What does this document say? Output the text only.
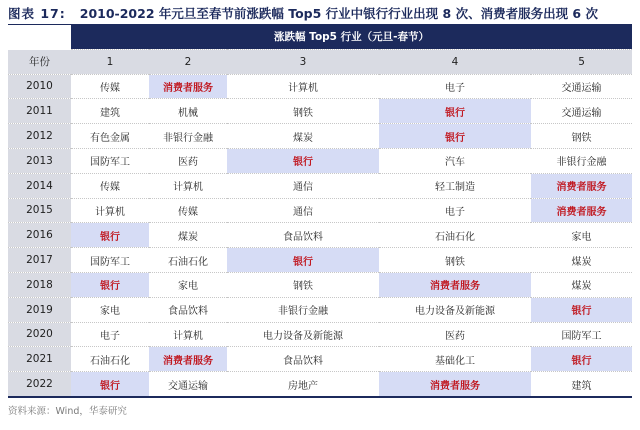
图表 17: 2010-2022 年元旦至春节前涨跌幅 Top5 行业中银行行业出现 8 次、消费者服务出现 6 次
	涨跌幅 Top5 行业（元旦-春节）				
年份	1	2	3	4	5
2010	传媒	消费者服务	计算机	电子	交通运输
2011	建筑	机械	钢铁	银行	交通运输
2012	有色金属	非银行金融	煤炭	银行	钢铁
2013	国防军工	医药	银行	汽车	非银行金融
2014	传媒	计算机	通信	轻工制造	消费者服务
2015	计算机	传媒	通信	电子	消费者服务
2016	银行	煤炭	食品饮料	石油石化	家电
2017	国防军工	石油石化	银行	钢铁	煤炭
2018	银行	家电	钢铁	消费者服务	煤炭
2019	家电	食品饮料	非银行金融	电力设备及新能源	银行
2020	电子	计算机	电力设备及新能源	医药	国防军工
2021	石油石化	消费者服务	食品饮料	基础化工	银行
2022	银行	交通运输	房地产	消费者服务	建筑
资料来源：Wind，华泰研究
